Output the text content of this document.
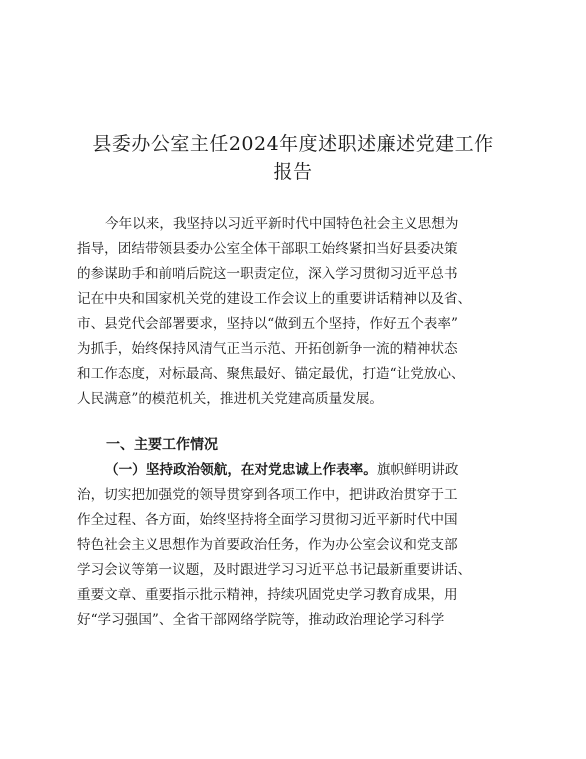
县委办公室主任2024年度述职述廉述党建工作
报告
今年以来，我坚持以习近平新时代中国特色社会主义思想为
指导，团结带领县委办公室全体干部职工始终紧扣当好县委决策
的参谋助手和前哨后院这一职责定位，深入学习贯彻习近平总书
记在中央和国家机关党的建设工作会议上的重要讲话精神以及省、
市、县党代会部署要求，坚持以“做到五个坚持，作好五个表率”
为抓手，始终保持风清气正当示范、开拓创新争一流的精神状态
和工作态度，对标最高、聚焦最好、锚定最优，打造“让党放心、
人民满意”的模范机关，推进机关党建高质量发展。
一、主要工作情况
（一）坚持政治领航，在对党忠诚上作表率。旗帜鲜明讲政
治，切实把加强党的领导贯穿到各项工作中，把讲政治贯穿于工
作全过程、各方面，始终坚持将全面学习贯彻习近平新时代中国
特色社会主义思想作为首要政治任务，作为办公室会议和党支部
学习会议等第一议题，及时跟进学习习近平总书记最新重要讲话、
重要文章、重要指示批示精神，持续巩固党史学习教育成果，用
好“学习强国”、全省干部网络学院等，推动政治理论学习科学
